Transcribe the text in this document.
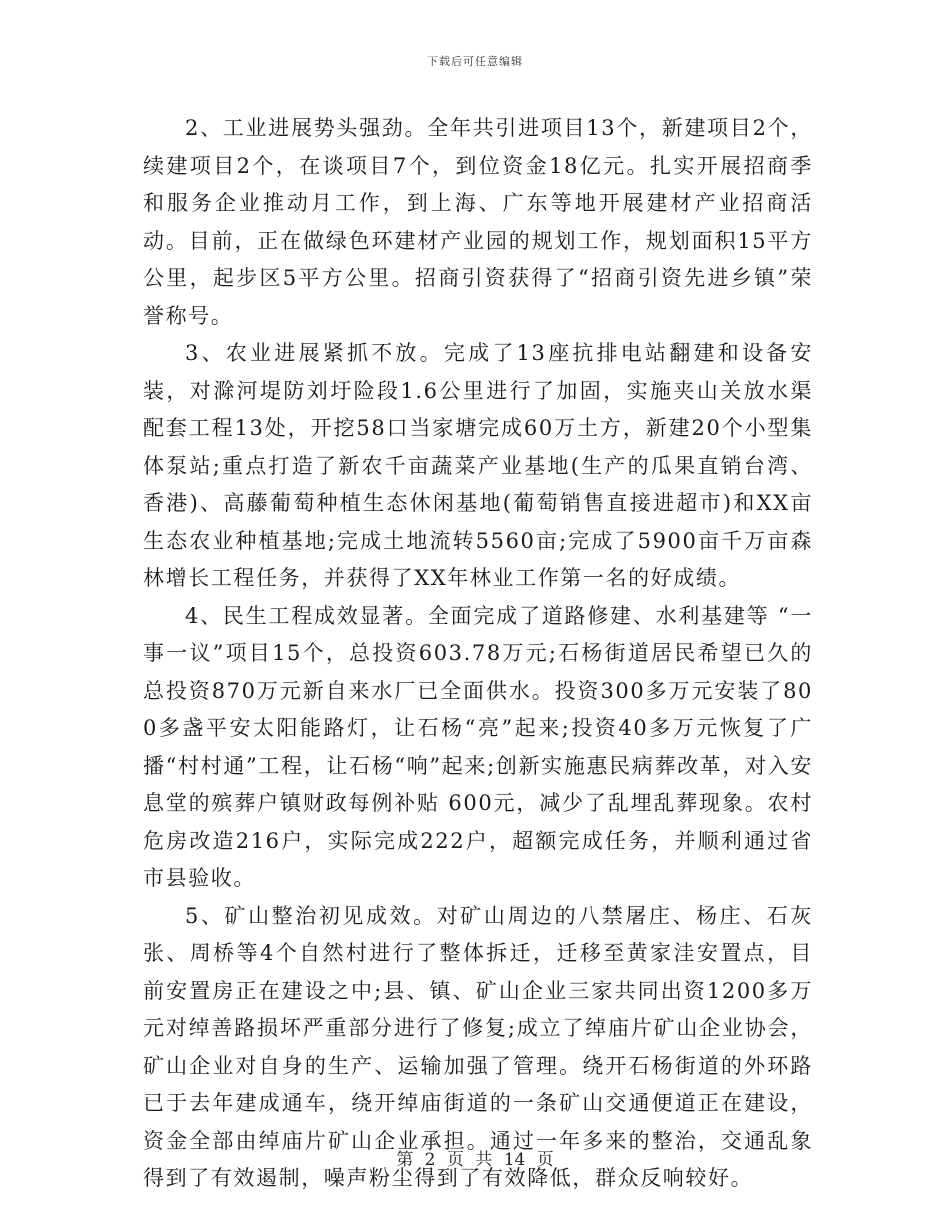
下载后可任意编辑

2、工业进展势头强劲。全年共引进项目13个，新建项目2个，续建项目2个，在谈项目7个，到位资金18亿元。扎实开展招商季和服务企业推动月工作，到上海、广东等地开展建材产业招商活动。目前，正在做绿色环建材产业园的规划工作，规划面积15平方公里，起步区5平方公里。招商引资获得了“招商引资先进乡镇”荣誉称号。

3、农业进展紧抓不放。完成了13座抗排电站翻建和设备安装，对滁河堤防刘圩险段1.6公里进行了加固，实施夹山关放水渠配套工程13处，开挖58口当家塘完成60万土方，新建20个小型集体泵站;重点打造了新农千亩蔬菜产业基地(生产的瓜果直销台湾、香港)、高藤葡萄种植生态休闲基地(葡萄销售直接进超市)和XX亩生态农业种植基地;完成土地流转5560亩;完成了5900亩千万亩森林增长工程任务，并获得了XX年林业工作第一名的好成绩。

4、民生工程成效显著。全面完成了道路修建、水利基建等 “一事一议”项目15个，总投资603.78万元;石杨街道居民希望已久的总投资870万元新自来水厂已全面供水。投资300多万元安装了800多盏平安太阳能路灯，让石杨“亮”起来;投资40多万元恢复了广播“村村通”工程，让石杨“响”起来;创新实施惠民病葬改革，对入安息堂的殡葬户镇财政每例补贴 600元，减少了乱埋乱葬现象。农村危房改造216户，实际完成222户，超额完成任务，并顺利通过省市县验收。

5、矿山整治初见成效。对矿山周边的八禁屠庄、杨庄、石灰张、周桥等4个自然村进行了整体拆迁，迁移至黄家洼安置点，目前安置房正在建设之中;县、镇、矿山企业三家共同出资1200多万元对绰善路损坏严重部分进行了修复;成立了绰庙片矿山企业协会，矿山企业对自身的生产、运输加强了管理。绕开石杨街道的外环路已于去年建成通车，绕开绰庙街道的一条矿山交通便道正在建设，资金全部由绰庙片矿山企业承担。通过一年多来的整治，交通乱象得到了有效遏制，噪声粉尘得到了有效降低，群众反响较好。

第 2 页 共 14 页
